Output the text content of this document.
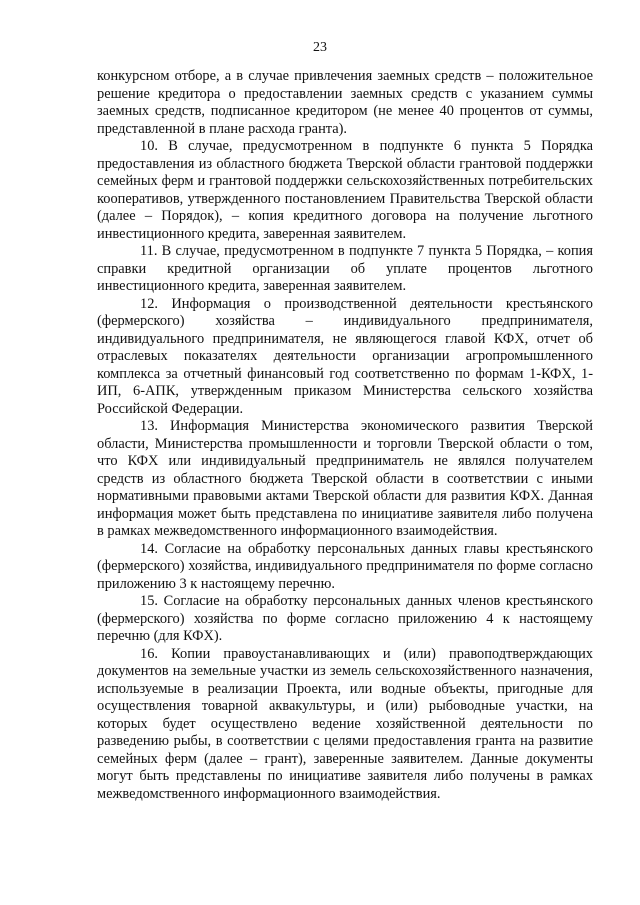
23

конкурсном отборе, а в случае привлечения заемных средств – положительное решение кредитора о предоставлении заемных средств с указанием суммы заемных средств, подписанное кредитором (не менее 40 процентов от суммы, представленной в плане расхода гранта).

10. В случае, предусмотренном в подпункте 6 пункта 5 Порядка предоставления из областного бюджета Тверской области грантовой поддержки семейных ферм и грантовой поддержки сельскохозяйственных потребительских кооперативов, утвержденного постановлением Правительства Тверской области (далее – Порядок), – копия кредитного договора на получение льготного инвестиционного кредита, заверенная заявителем.

11. В случае, предусмотренном в подпункте 7 пункта 5 Порядка, – копия справки кредитной организации об уплате процентов льготного инвестиционного кредита, заверенная заявителем.

12. Информация о производственной деятельности крестьянского (фермерского) хозяйства – индивидуального предпринимателя, индивидуального предпринимателя, не являющегося главой КФХ, отчет об отраслевых показателях деятельности организации агропромышленного комплекса за отчетный финансовый год соответственно по формам 1-КФХ, 1-ИП, 6-АПК, утвержденным приказом Министерства сельского хозяйства Российской Федерации.

13. Информация Министерства экономического развития Тверской области, Министерства промышленности и торговли Тверской области о том, что КФХ или индивидуальный предприниматель не являлся получателем средств из областного бюджета Тверской области в соответствии с иными нормативными правовыми актами Тверской области для развития КФХ. Данная информация может быть представлена по инициативе заявителя либо получена в рамках межведомственного информационного взаимодействия.

14. Согласие на обработку персональных данных главы крестьянского (фермерского) хозяйства, индивидуального предпринимателя по форме согласно приложению 3 к настоящему перечню.

15. Согласие на обработку персональных данных членов крестьянского (фермерского) хозяйства по форме согласно приложению 4 к настоящему перечню (для КФХ).

16. Копии правоустанавливающих и (или) правоподтверждающих документов на земельные участки из земель сельскохозяйственного назначения, используемые в реализации Проекта, или водные объекты, пригодные для осуществления товарной аквакультуры, и (или) рыбоводные участки, на которых будет осуществлено ведение хозяйственной деятельности по разведению рыбы, в соответствии с целями предоставления гранта на развитие семейных ферм (далее – грант), заверенные заявителем. Данные документы могут быть представлены по инициативе заявителя либо получены в рамках межведомственного информационного взаимодействия.
